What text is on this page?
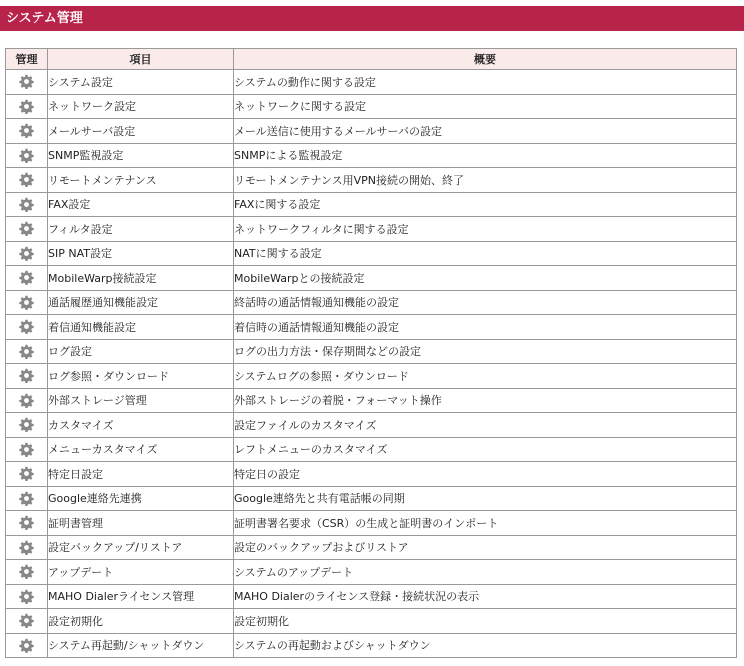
システム管理
管理	項目	概要

	システム設定	システムの動作に関する設定

	ネットワーク設定	ネットワークに関する設定

	メールサーバ設定	メール送信に使用するメールサーバの設定

	SNMP監視設定	SNMPによる監視設定

	リモートメンテナンス	リモートメンテナンス用VPN接続の開始、終了

	FAX設定	FAXに関する設定

	フィルタ設定	ネットワークフィルタに関する設定

	SIP NAT設定	NATに関する設定

	MobileWarp接続設定	MobileWarpとの接続設定

	通話履歴通知機能設定	終話時の通話情報通知機能の設定

	着信通知機能設定	着信時の通話情報通知機能の設定

	ログ設定	ログの出力方法・保存期間などの設定

	ログ参照・ダウンロード	システムログの参照・ダウンロード

	外部ストレージ管理	外部ストレージの着脱・フォーマット操作

	カスタマイズ	設定ファイルのカスタマイズ

	メニューカスタマイズ	レフトメニューのカスタマイズ

	特定日設定	特定日の設定

	Google連絡先連携	Google連絡先と共有電話帳の同期

	証明書管理	証明書署名要求（CSR）の生成と証明書のインポート

	設定バックアップ/リストア	設定のバックアップおよびリストア

	アップデート	システムのアップデート

	MAHO Dialerライセンス管理	MAHO Dialerのライセンス登録・接続状況の表示

	設定初期化	設定初期化

	システム再起動/シャットダウン	システムの再起動およびシャットダウン
